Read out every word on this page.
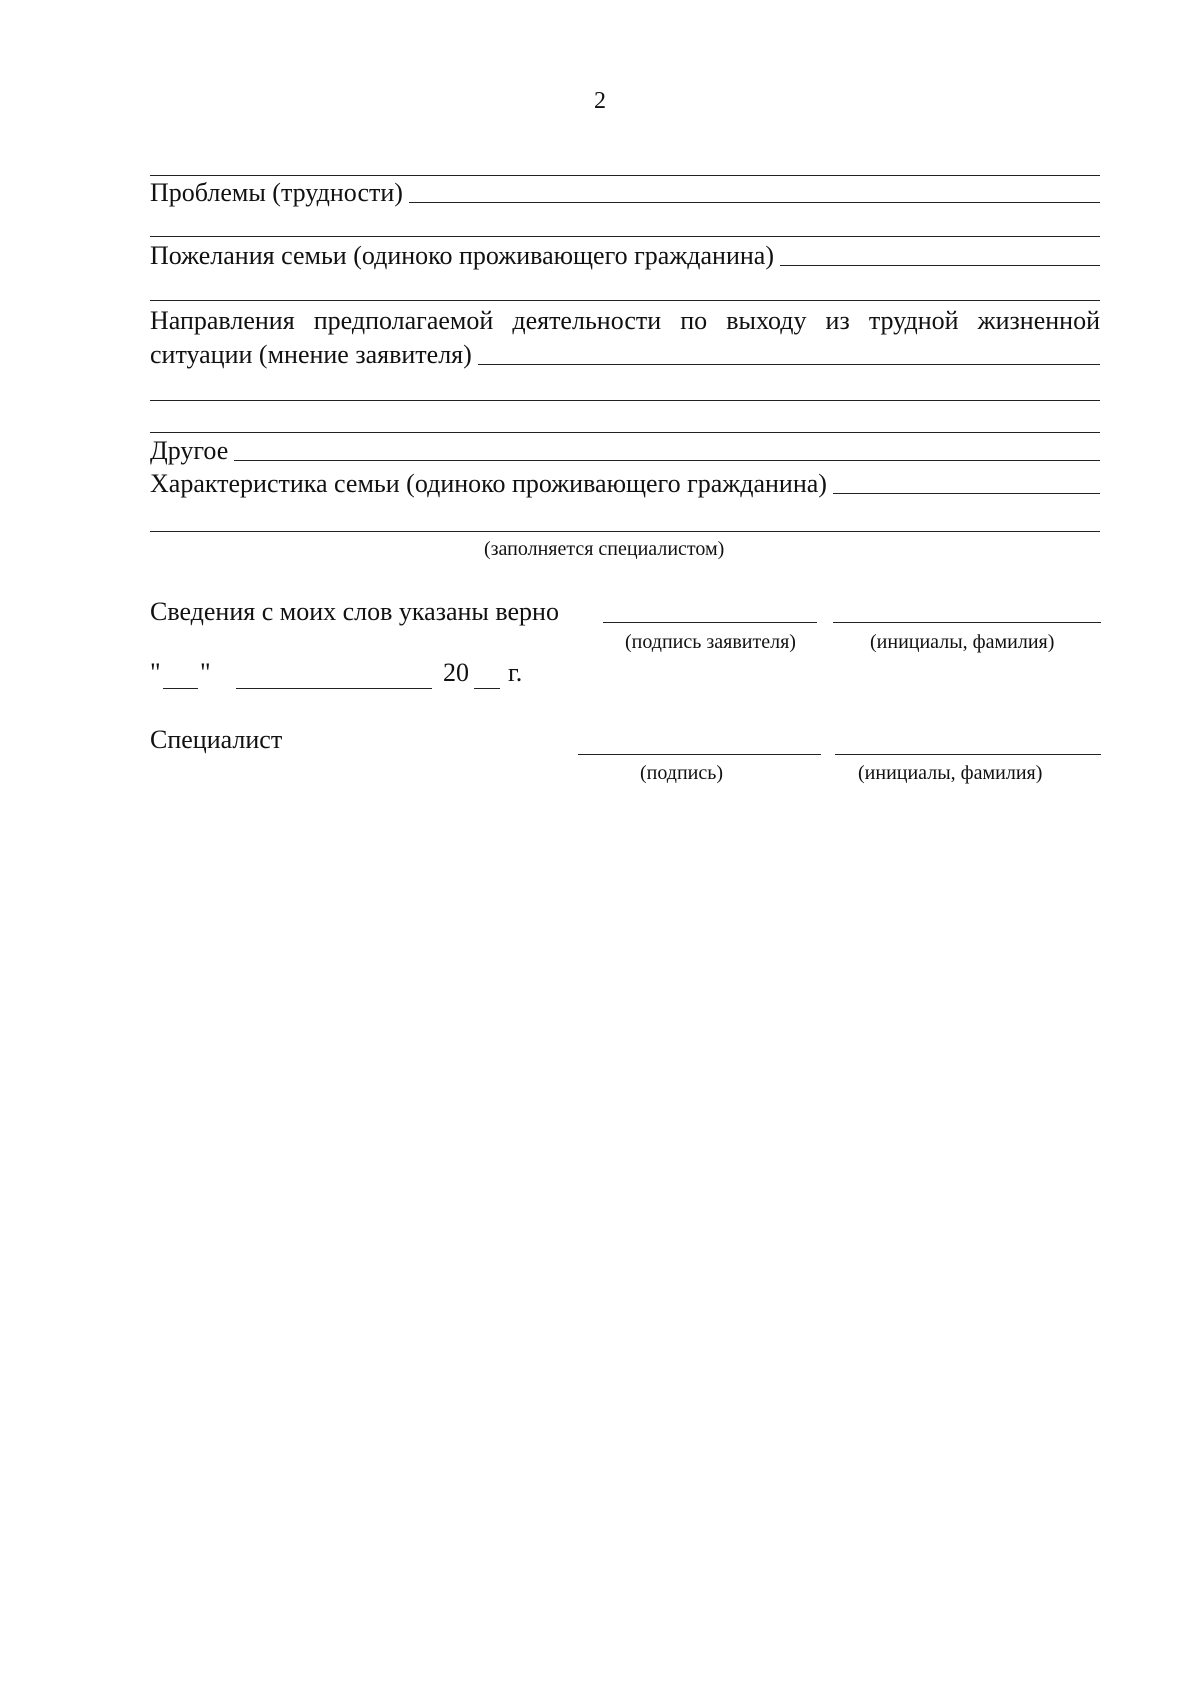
2
Проблемы (трудности)
Пожелания семьи (одиноко проживающего гражданина)
Направления предполагаемой деятельности по выходу из трудной жизненной
ситуации (мнение заявителя)
Другое
Характеристика семьи (одиноко проживающего гражданина)
(заполняется специалистом)
Сведения с моих слов указаны верно
(подпись заявителя)	(инициалы, фамилия)
" "	20 г.
Специалист
(подпись)	(инициалы, фамилия)
